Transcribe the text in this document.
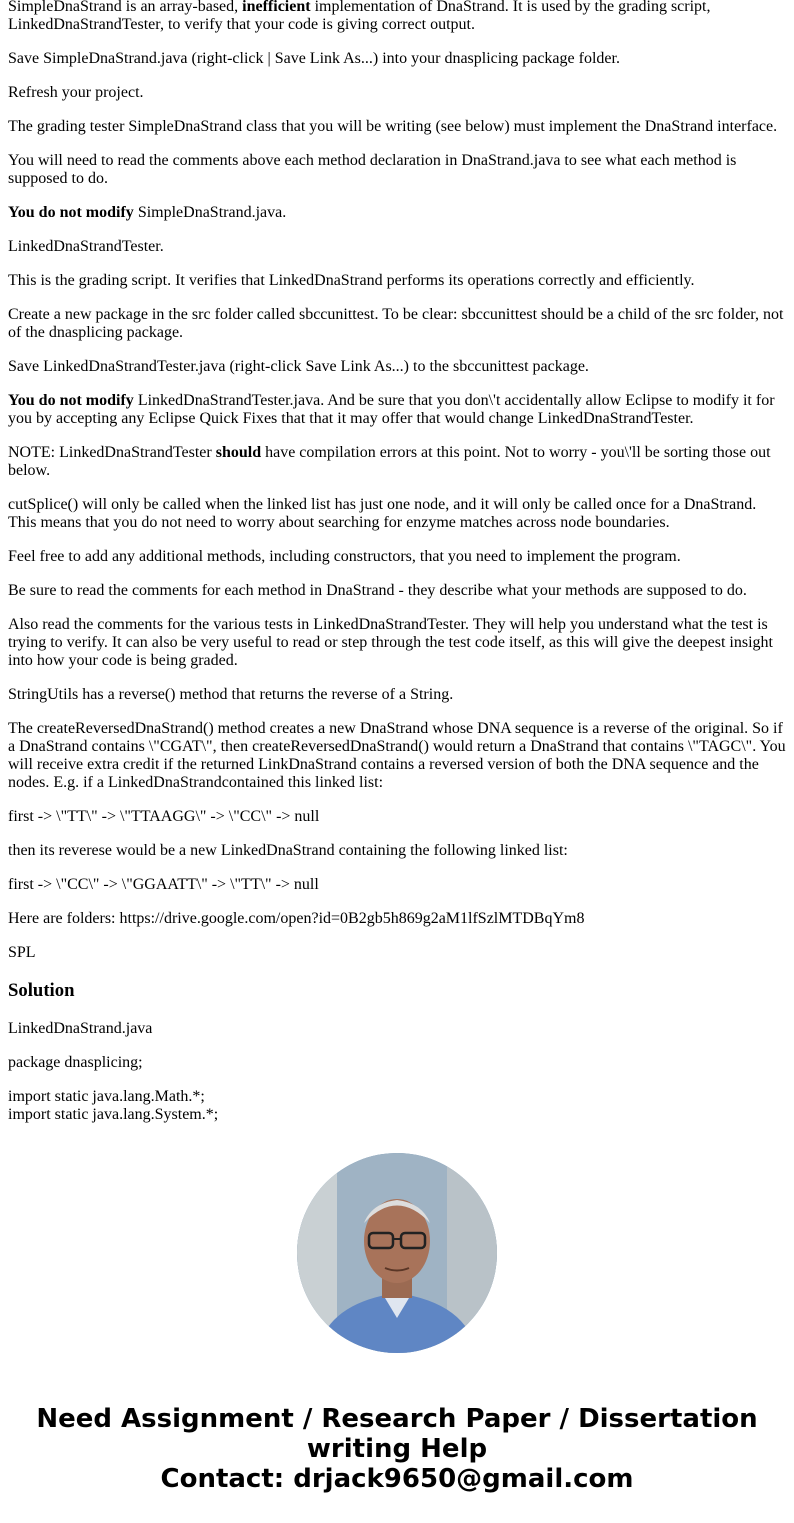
SimpleDnaStrand is an array-based, inefficient implementation of DnaStrand. It is used by the grading script, LinkedDnaStrandTester, to verify that your code is giving correct output.

Save SimpleDnaStrand.java (right-click | Save Link As...) into your dnasplicing package folder.

Refresh your project.

The grading tester SimpleDnaStrand class that you will be writing (see below) must implement the DnaStrand interface.

You will need to read the comments above each method declaration in DnaStrand.java to see what each method is supposed to do.

You do not modify SimpleDnaStrand.java.

LinkedDnaStrandTester.

This is the grading script. It verifies that LinkedDnaStrand performs its operations correctly and efficiently.

Create a new package in the src folder called sbccunittest. To be clear: sbccunittest should be a child of the src folder, not of the dnasplicing package.

Save LinkedDnaStrandTester.java (right-click Save Link As...) to the sbccunittest package.

You do not modify LinkedDnaStrandTester.java. And be sure that you don\'t accidentally allow Eclipse to modify it for you by accepting any Eclipse Quick Fixes that that it may offer that would change LinkedDnaStrandTester.

NOTE: LinkedDnaStrandTester should have compilation errors at this point. Not to worry - you\'ll be sorting those out below.

cutSplice() will only be called when the linked list has just one node, and it will only be called once for a DnaStrand. This means that you do not need to worry about searching for enzyme matches across node boundaries.

Feel free to add any additional methods, including constructors, that you need to implement the program.

Be sure to read the comments for each method in DnaStrand - they describe what your methods are supposed to do.

Also read the comments for the various tests in LinkedDnaStrandTester. They will help you understand what the test is trying to verify. It can also be very useful to read or step through the test code itself, as this will give the deepest insight into how your code is being graded.

StringUtils has a reverse() method that returns the reverse of a String.

The createReversedDnaStrand() method creates a new DnaStrand whose DNA sequence is a reverse of the original. So if a DnaStrand contains \"CGAT\", then createReversedDnaStrand() would return a DnaStrand that contains \"TAGC\". You will receive extra credit if the returned LinkDnaStrand contains a reversed version of both the DNA sequence and the nodes. E.g. if a LinkedDnaStrandcontained this linked list:

first -> \"TT\" -> \"TTAAGG\" -> \"CC\" -> null

then its reverese would be a new LinkedDnaStrand containing the following linked list:

first -> \"CC\" -> \"GGAATT\" -> \"TT\" -> null

Here are folders: https://drive.google.com/open?id=0B2gb5h869g2aM1lfSzlMTDBqYm8

SPL

Solution

LinkedDnaStrand.java

package dnasplicing;

import static java.lang.Math.*;
import static java.lang.System.*;

Need Assignment / Research Paper / Dissertation writing Help
Contact: drjack9650@gmail.com
